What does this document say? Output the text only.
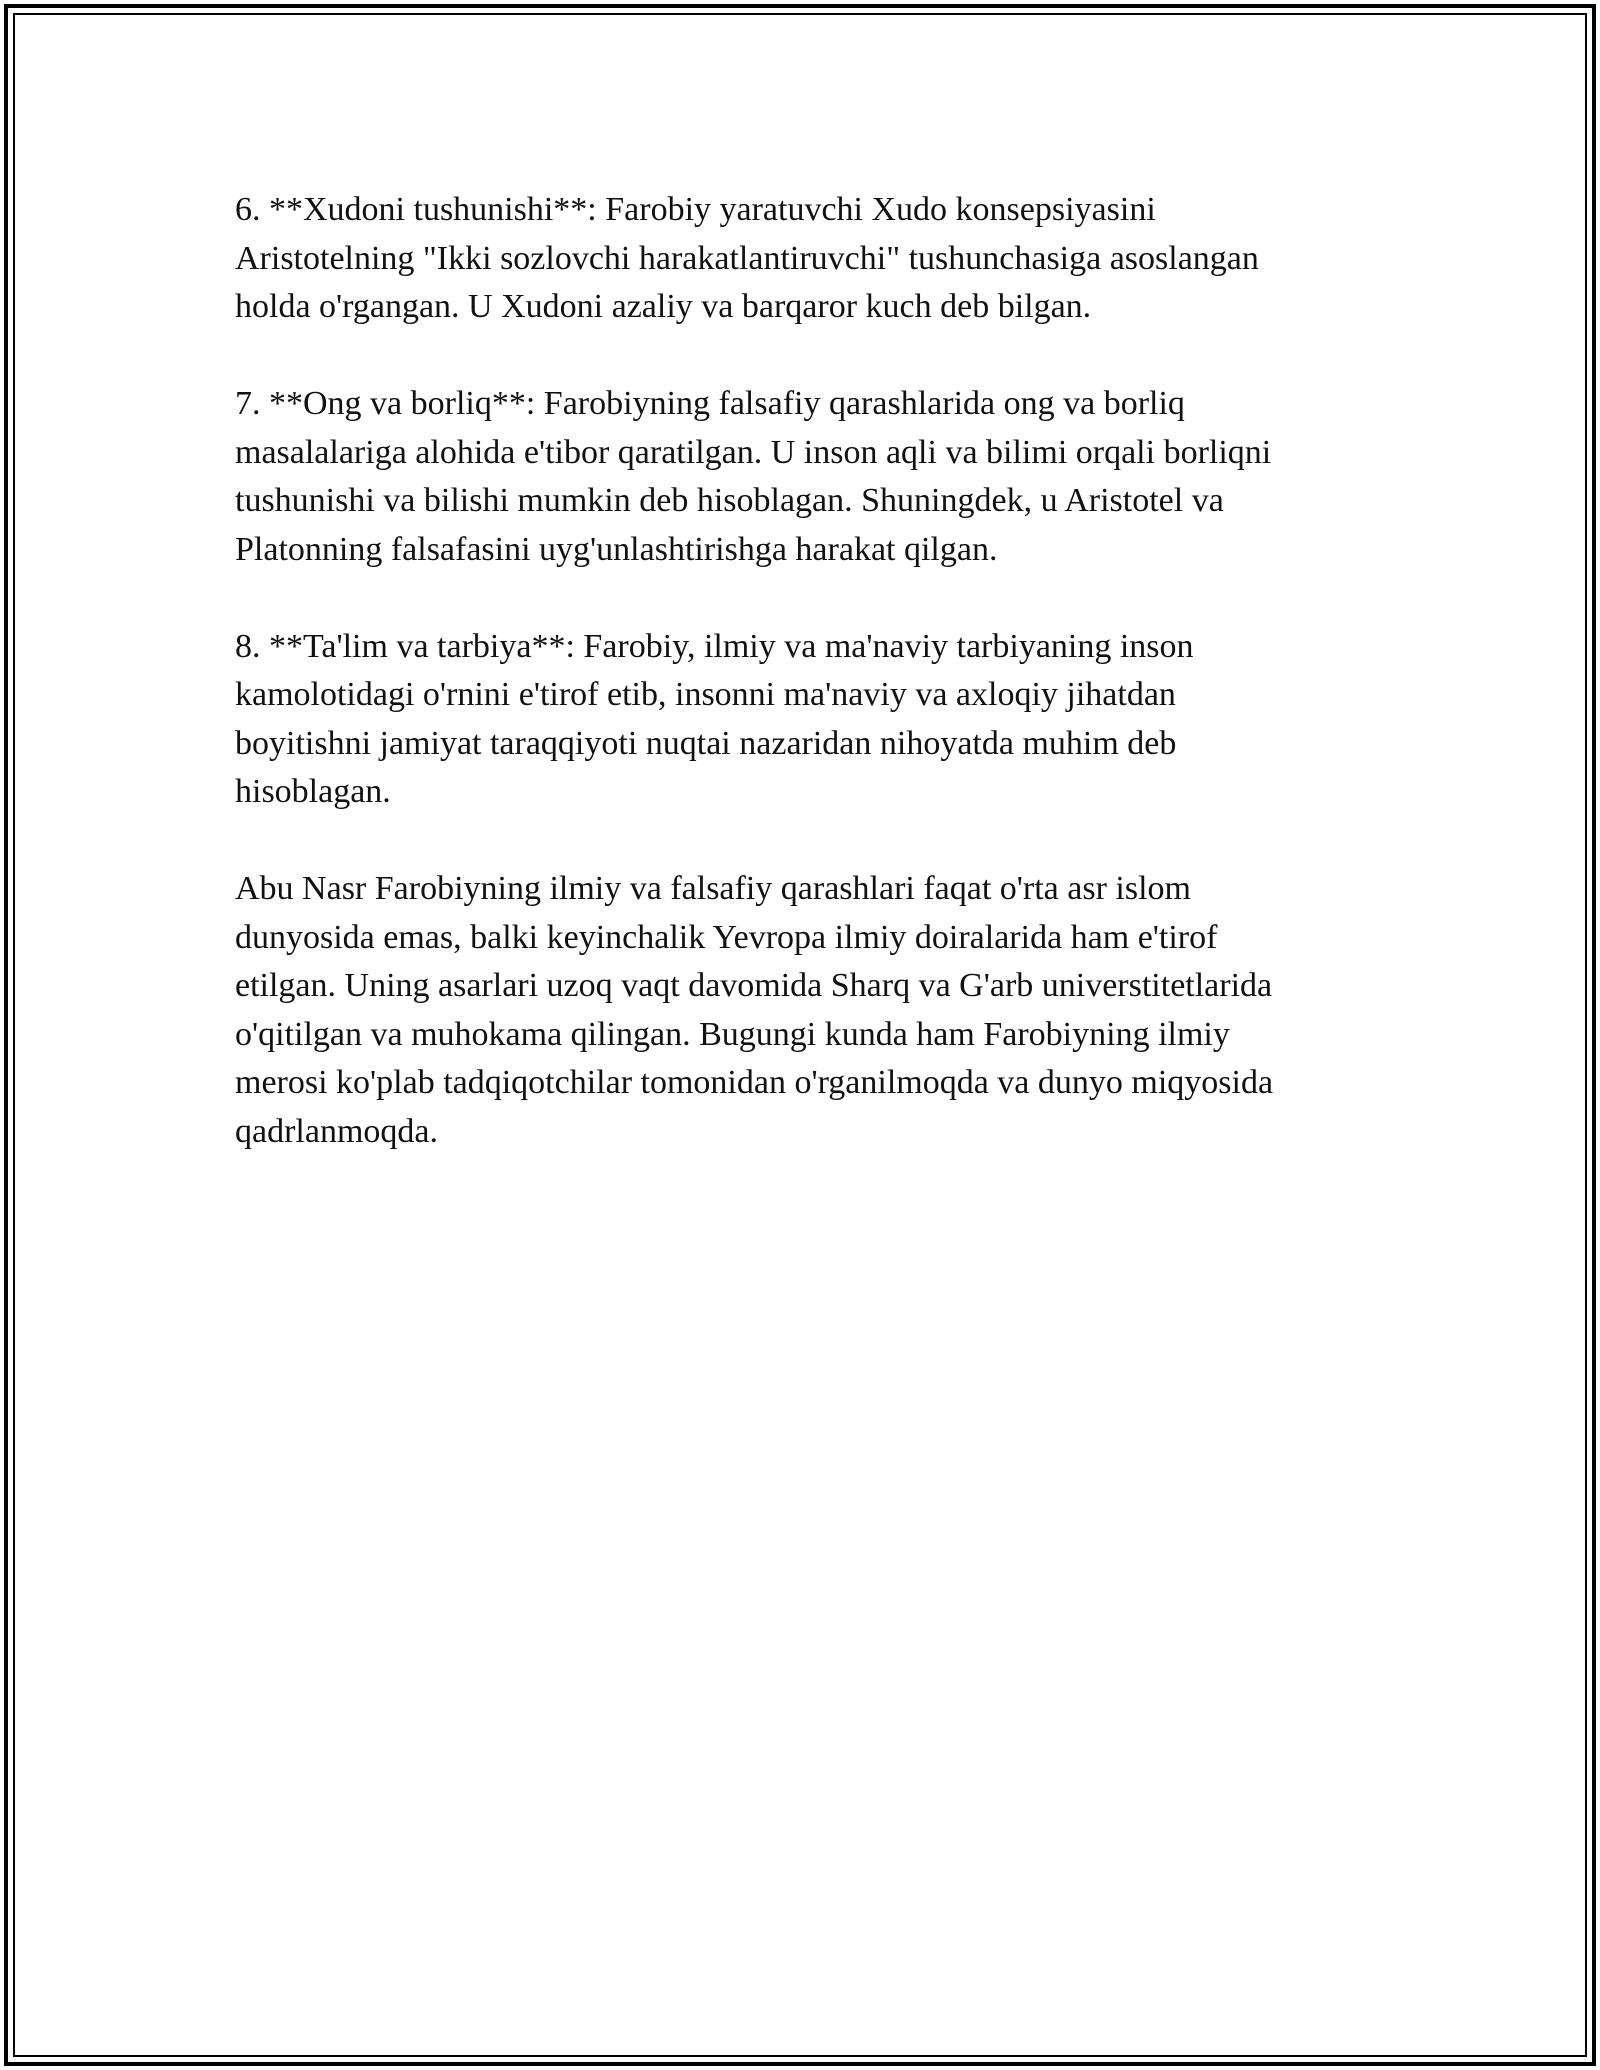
6. **Xudoni tushunishi**: Farobiy yaratuvchi Xudo konsepsiyasini
Aristotelning "Ikki sozlovchi harakatlantiruvchi" tushunchasiga asoslangan
holda o'rgangan. U Xudoni azaliy va barqaror kuch deb bilgan.

7. **Ong va borliq**: Farobiyning falsafiy qarashlarida ong va borliq
masalalariga alohida e'tibor qaratilgan. U inson aqli va bilimi orqali borliqni
tushunishi va bilishi mumkin deb hisoblagan. Shuningdek, u Aristotel va
Platonning falsafasini uyg'unlashtirishga harakat qilgan.

8. **Ta'lim va tarbiya**: Farobiy, ilmiy va ma'naviy tarbiyaning inson
kamolotidagi o'rnini e'tirof etib, insonni ma'naviy va axloqiy jihatdan
boyitishni jamiyat taraqqiyoti nuqtai nazaridan nihoyatda muhim deb
hisoblagan.

Abu Nasr Farobiyning ilmiy va falsafiy qarashlari faqat o'rta asr islom
dunyosida emas, balki keyinchalik Yevropa ilmiy doiralarida ham e'tirof
etilgan. Uning asarlari uzoq vaqt davomida Sharq va G'arb universtitetlarida
o'qitilgan va muhokama qilingan. Bugungi kunda ham Farobiyning ilmiy
merosi ko'plab tadqiqotchilar tomonidan o'rganilmoqda va dunyo miqyosida
qadrlanmoqda.
